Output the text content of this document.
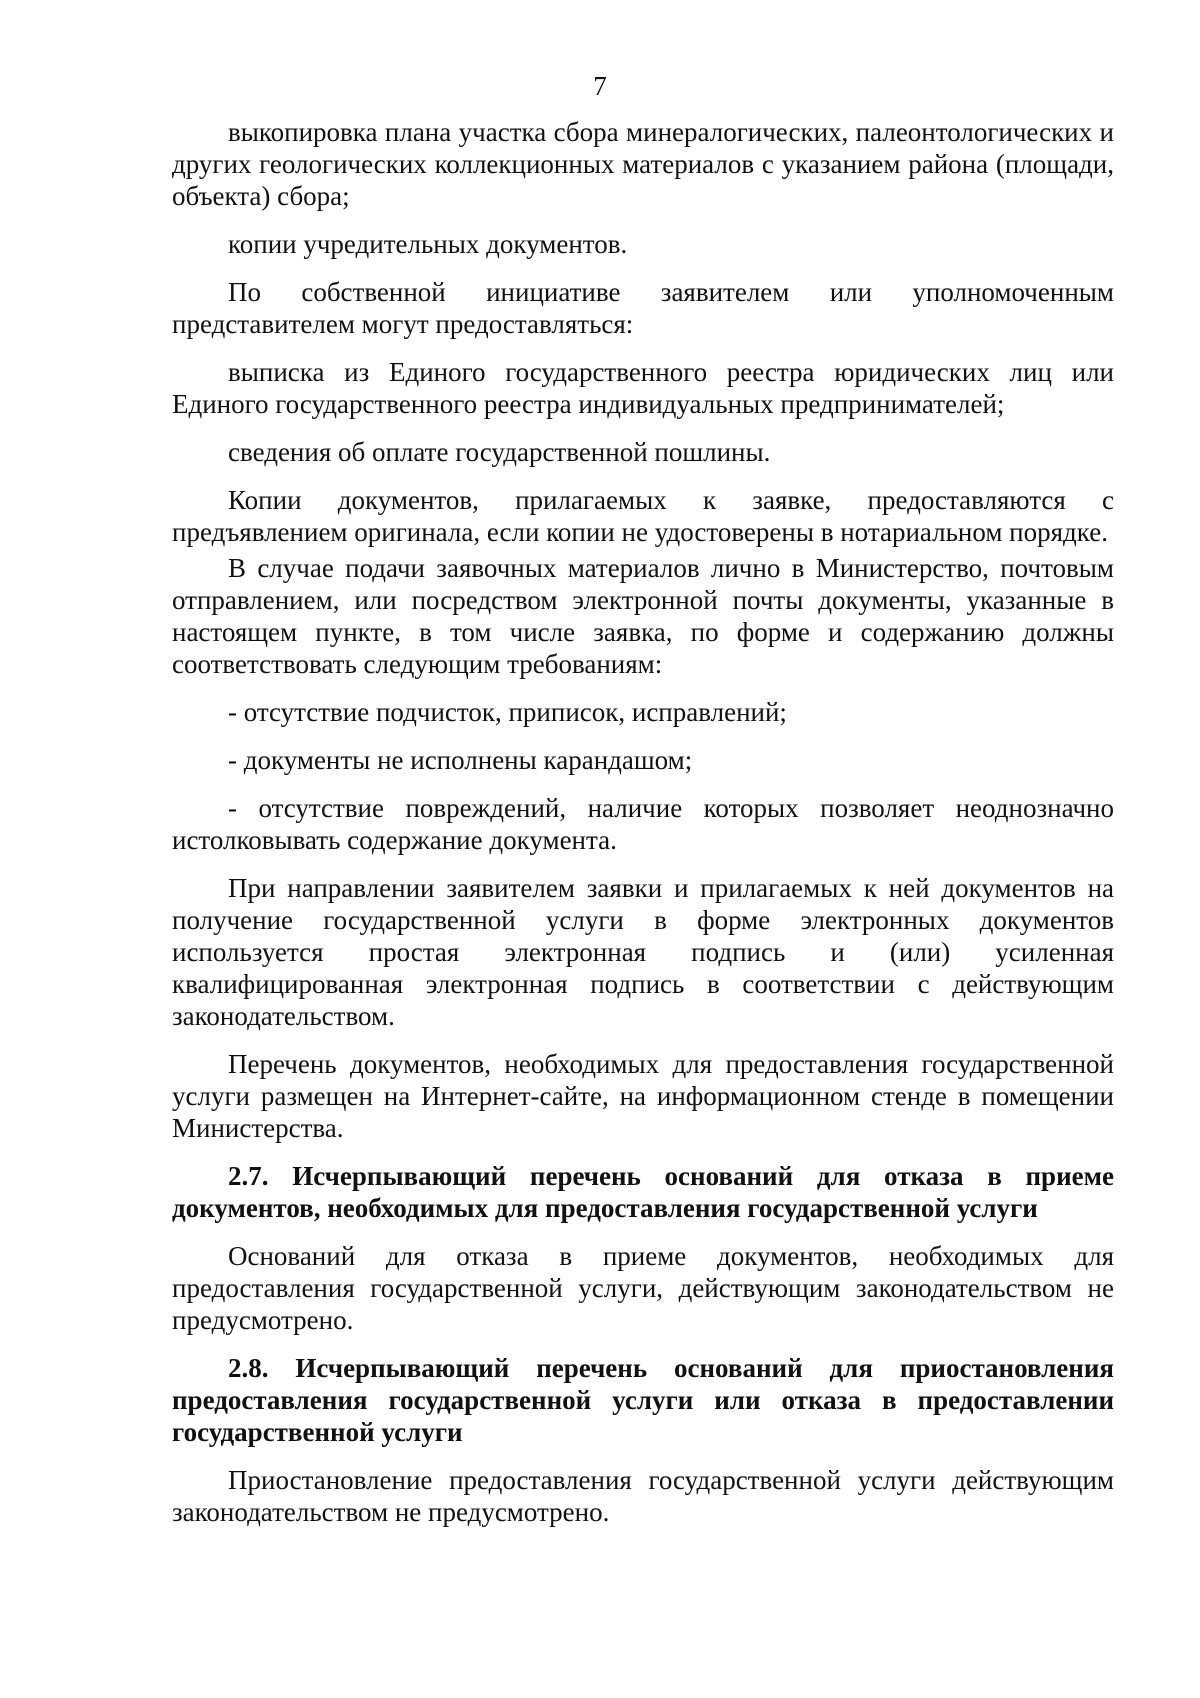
7

выкопировка плана участка сбора минералогических, палеонтологических и других геологических коллекционных материалов с указанием района (площади, объекта) сбора;

копии учредительных документов.

По собственной инициативе заявителем или уполномоченным представителем могут предоставляться:

выписка из Единого государственного реестра юридических лиц или Единого государственного реестра индивидуальных предпринимателей;

сведения об оплате государственной пошлины.

Копии документов, прилагаемых к заявке, предоставляются с предъявлением оригинала, если копии не удостоверены в нотариальном порядке.

В случае подачи заявочных материалов лично в Министерство, почтовым отправлением, или посредством электронной почты документы, указанные в настоящем пункте, в том числе заявка, по форме и содержанию должны соответствовать следующим требованиям:

- отсутствие подчисток, приписок, исправлений;

- документы не исполнены карандашом;

- отсутствие повреждений, наличие которых позволяет неоднозначно истолковывать содержание документа.

При направлении заявителем заявки и прилагаемых к ней документов на получение государственной услуги в форме электронных документов используется простая электронная подпись и (или) усиленная квалифицированная электронная подпись в соответствии с действующим законодательством.

Перечень документов, необходимых для предоставления государственной услуги размещен на Интернет-сайте, на информационном стенде в помещении Министерства.

2.7. Исчерпывающий перечень оснований для отказа в приеме документов, необходимых для предоставления государственной услуги

Оснований для отказа в приеме документов, необходимых для предоставления государственной услуги, действующим законодательством не предусмотрено.

2.8. Исчерпывающий перечень оснований для приостановления предоставления государственной услуги или отказа в предоставлении государственной услуги

Приостановление предоставления государственной услуги действующим законодательством не предусмотрено.
